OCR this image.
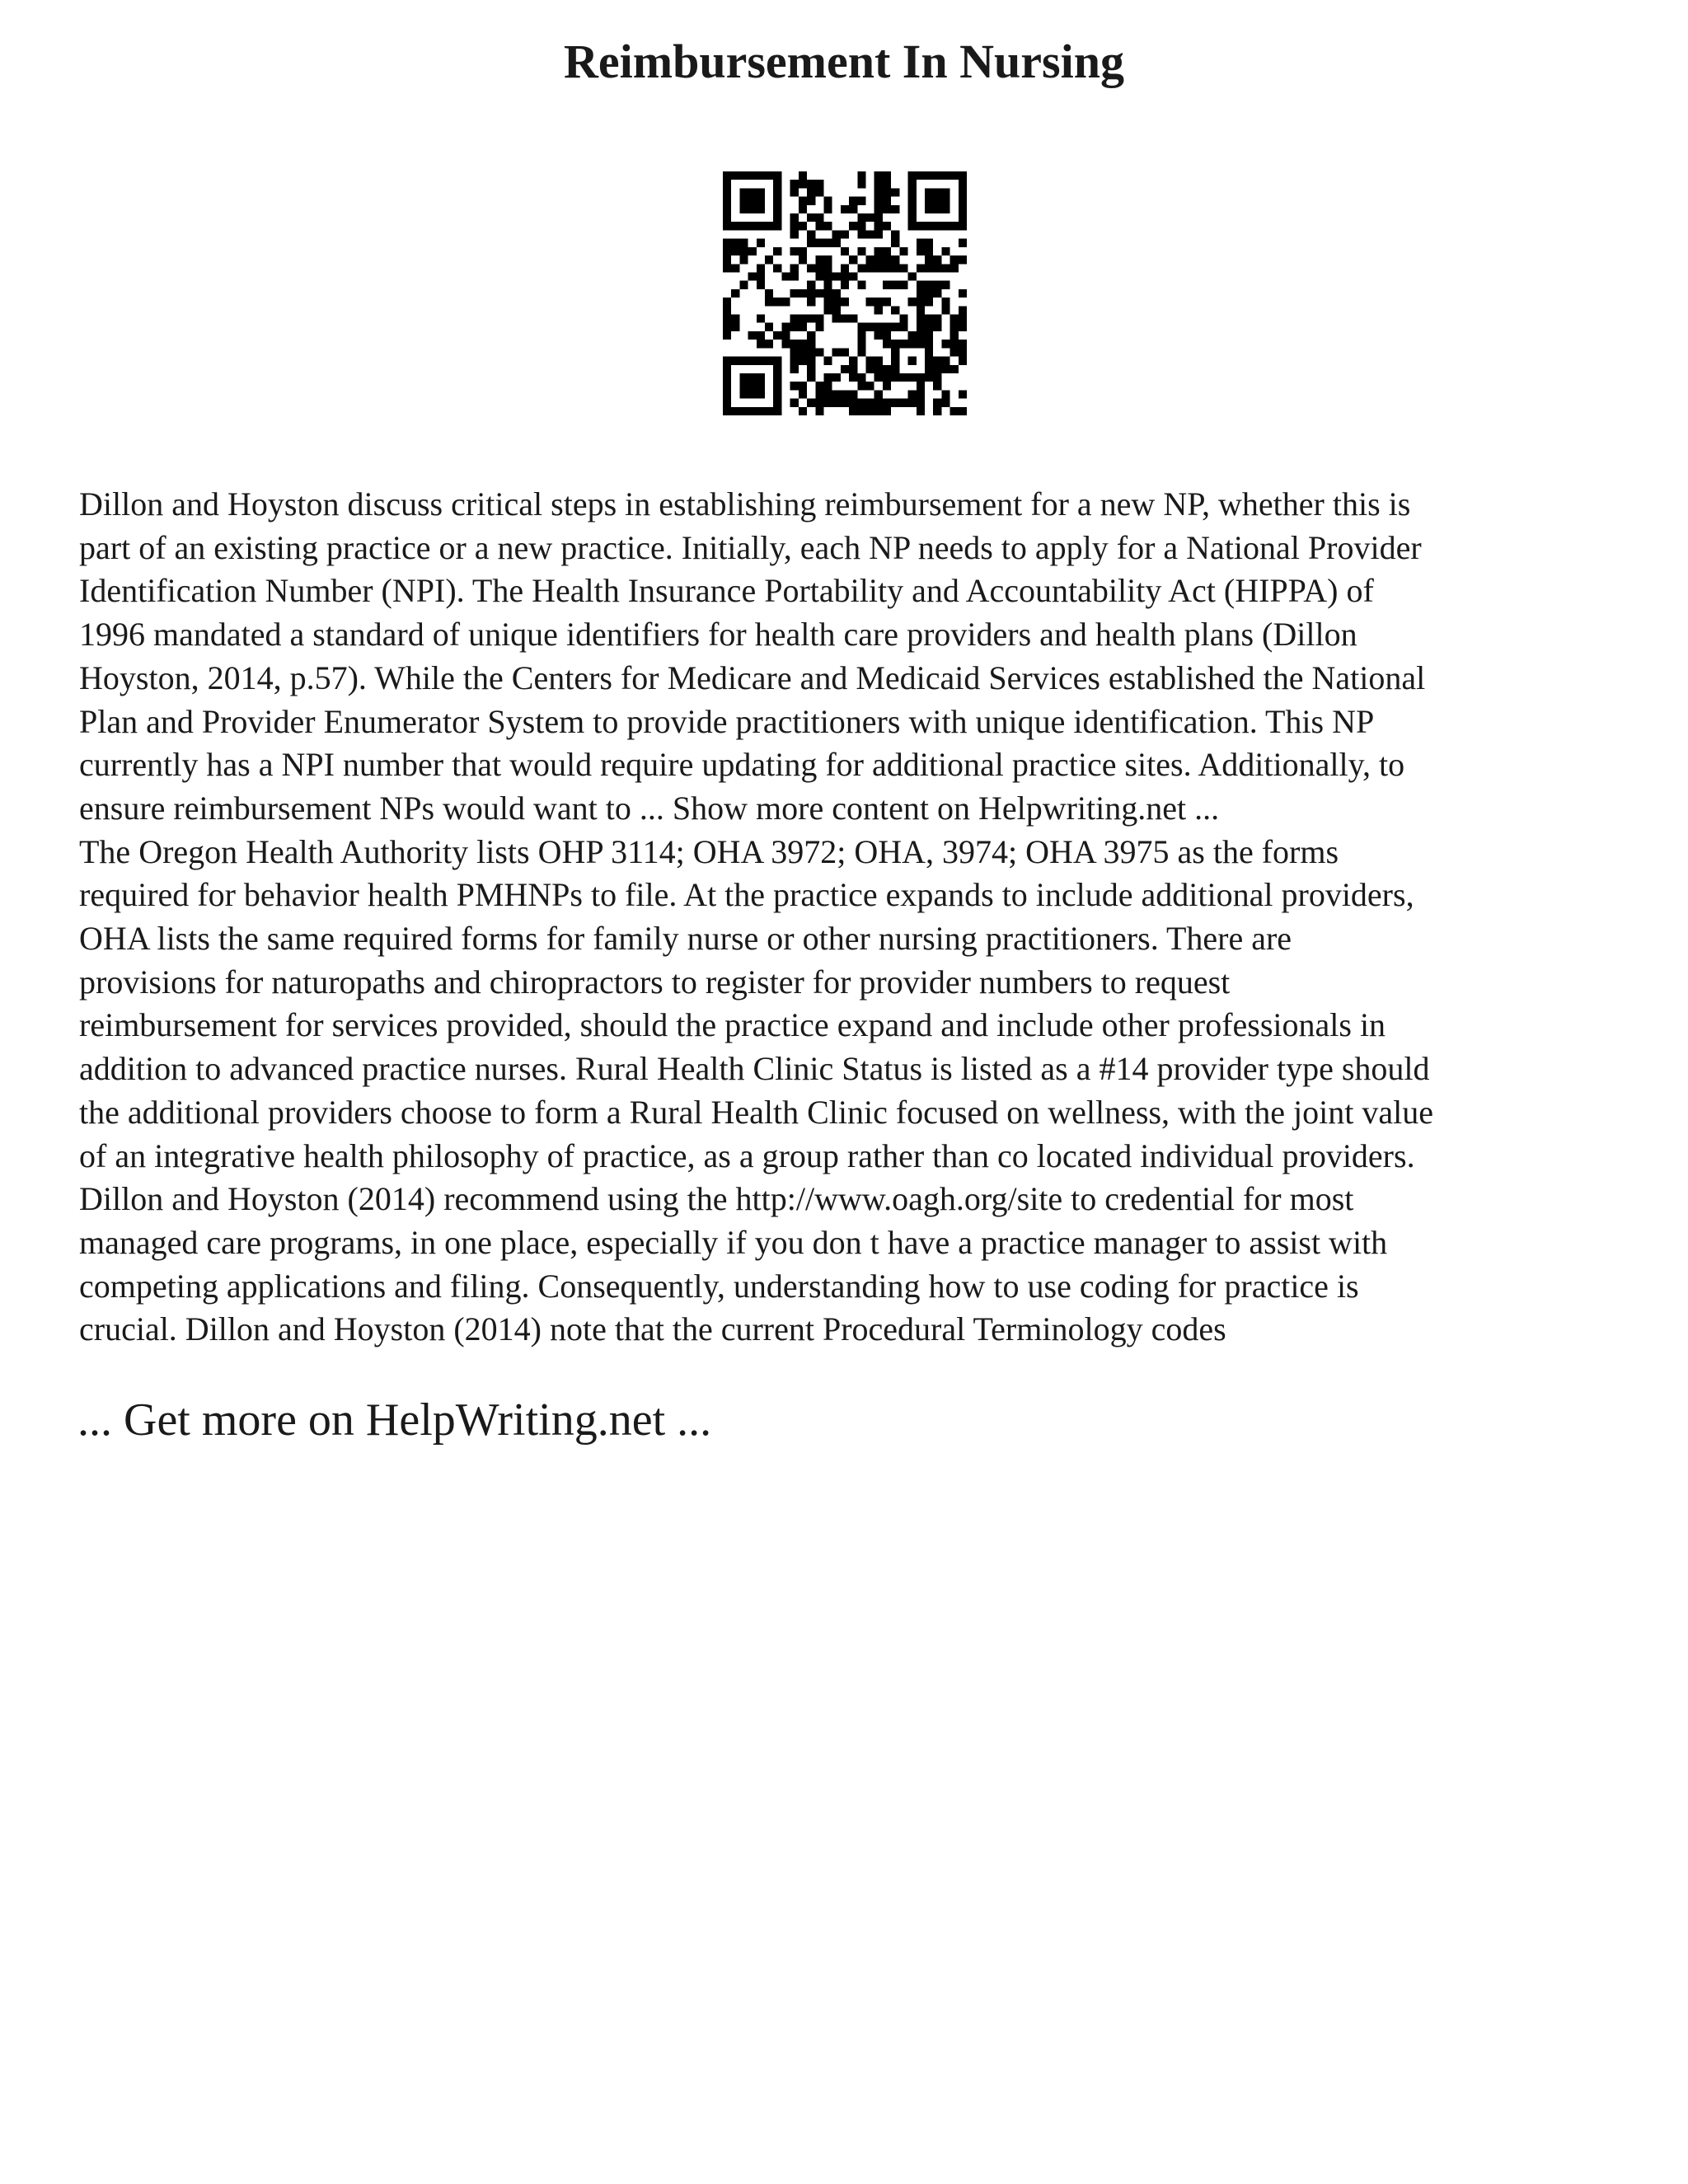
Reimbursement In Nursing
Dillon and Hoyston discuss critical steps in establishing reimbursement for a new NP, whether this is
part of an existing practice or a new practice. Initially, each NP needs to apply for a National Provider
Identification Number (NPI). The Health Insurance Portability and Accountability Act (HIPPA) of
1996 mandated a standard of unique identifiers for health care providers and health plans (Dillon
Hoyston, 2014, p.57). While the Centers for Medicare and Medicaid Services established the National
Plan and Provider Enumerator System to provide practitioners with unique identification. This NP
currently has a NPI number that would require updating for additional practice sites. Additionally, to
ensure reimbursement NPs would want to ... Show more content on Helpwriting.net ...
The Oregon Health Authority lists OHP 3114; OHA 3972; OHA, 3974; OHA 3975 as the forms
required for behavior health PMHNPs to file. At the practice expands to include additional providers,
OHA lists the same required forms for family nurse or other nursing practitioners. There are
provisions for naturopaths and chiropractors to register for provider numbers to request
reimbursement for services provided, should the practice expand and include other professionals in
addition to advanced practice nurses. Rural Health Clinic Status is listed as a #14 provider type should
the additional providers choose to form a Rural Health Clinic focused on wellness, with the joint value
of an integrative health philosophy of practice, as a group rather than co located individual providers.
Dillon and Hoyston (2014) recommend using the http://www.oagh.org/site to credential for most
managed care programs, in one place, especially if you don t have a practice manager to assist with
competing applications and filing. Consequently, understanding how to use coding for practice is
crucial. Dillon and Hoyston (2014) note that the current Procedural Terminology codes

... Get more on HelpWriting.net ...
